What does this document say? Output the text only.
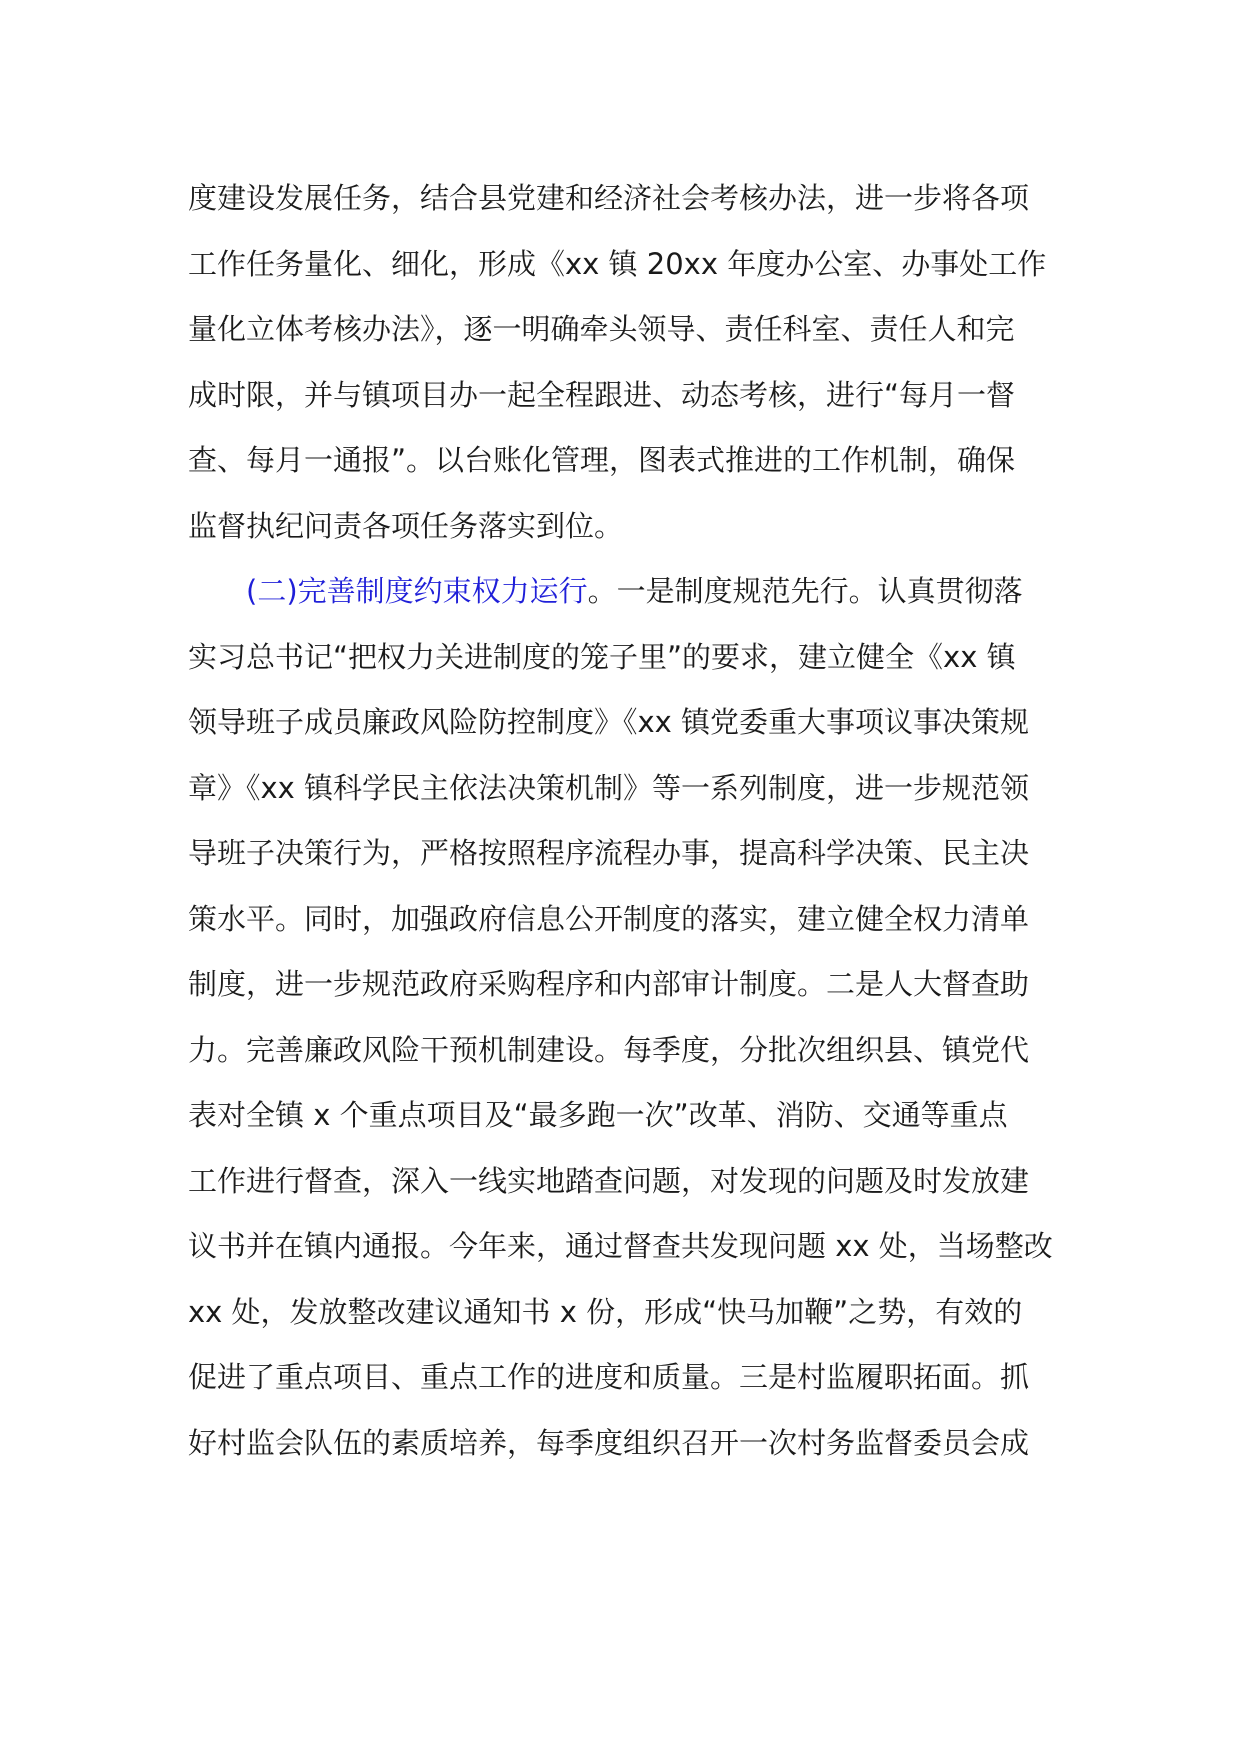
度建设发展任务，结合县党建和经济社会考核办法，进一步将各项
工作任务量化、细化，形成《xx 镇 20xx 年度办公室、办事处工作
量化立体考核办法》，逐一明确牵头领导、责任科室、责任人和完
成时限，并与镇项目办一起全程跟进、动态考核，进行“每月一督
查、每月一通报”。以台账化管理，图表式推进的工作机制，确保
监督执纪问责各项任务落实到位。
(二)完善制度约束权力运行。一是制度规范先行。认真贯彻落
实习总书记“把权力关进制度的笼子里”的要求，建立健全《xx 镇
领导班子成员廉政风险防控制度》《xx 镇党委重大事项议事决策规
章》《xx 镇科学民主依法决策机制》等一系列制度，进一步规范领
导班子决策行为，严格按照程序流程办事，提高科学决策、民主决
策水平。同时，加强政府信息公开制度的落实，建立健全权力清单
制度，进一步规范政府采购程序和内部审计制度。二是人大督查助
力。完善廉政风险干预机制建设。每季度，分批次组织县、镇党代
表对全镇 x 个重点项目及“最多跑一次”改革、消防、交通等重点
工作进行督查，深入一线实地踏查问题，对发现的问题及时发放建
议书并在镇内通报。今年来，通过督查共发现问题 xx 处，当场整改
xx 处，发放整改建议通知书 x 份，形成“快马加鞭”之势，有效的
促进了重点项目、重点工作的进度和质量。三是村监履职拓面。抓
好村监会队伍的素质培养，每季度组织召开一次村务监督委员会成
